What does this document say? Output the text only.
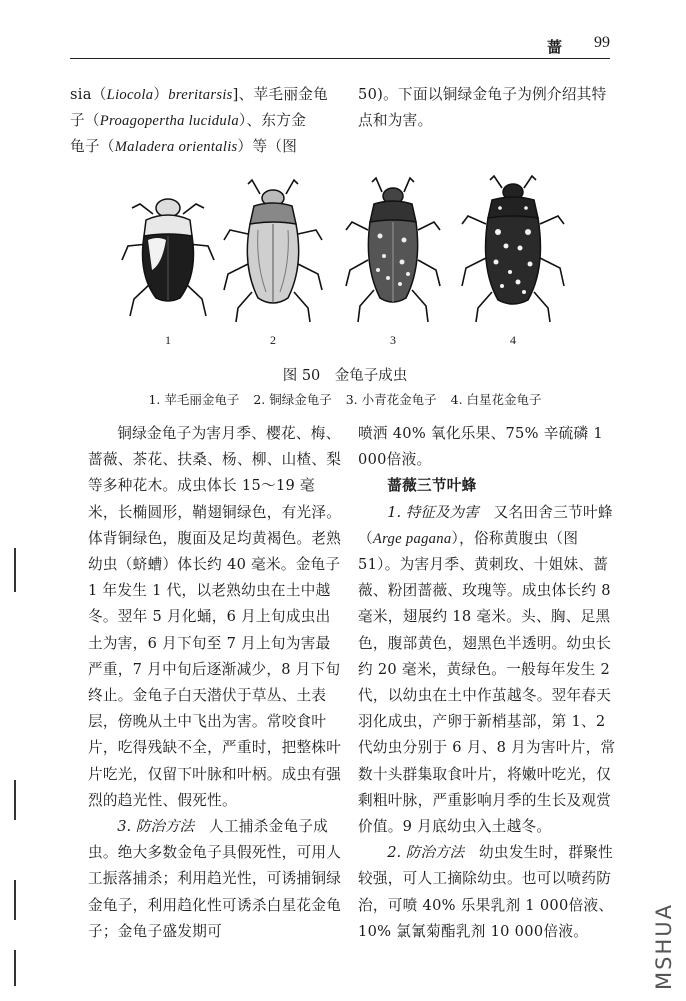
蔷 99

sia（Liocola）breritarsis]、苹毛丽金龟

子（Proagopertha lucidula）、东方金

龟子（Maladera orientalis）等（图

50)。下面以铜绿金龟子为例介绍其特点和为害。

1	2	3	4
图 50　金龟子成虫
1. 苹毛丽金龟子 2. 铜绿金龟子 3. 小青花金龟子 4. 白星花金龟子

铜绿金龟子为害月季、樱花、梅、蔷薇、茶花、扶桑、杨、柳、山楂、梨等多种花木。成虫体长 15～19 毫米，长椭圆形，鞘翅铜绿色，有光泽。体背铜绿色，腹面及足均黄褐色。老熟幼虫（蛴螬）体长约 40 毫米。金龟子 1 年发生 1 代，以老熟幼虫在土中越冬。翌年 5 月化蛹，6 月上旬成虫出土为害，6 月下旬至 7 月上旬为害最严重，7 月中旬后逐渐减少，8 月下旬终止。金龟子白天潜伏于草丛、土表层，傍晚从土中飞出为害。常咬食叶片，吃得残缺不全，严重时，把整株叶片吃光，仅留下叶脉和叶柄。成虫有强烈的趋光性、假死性。

3. 防治方法　人工捕杀金龟子成虫。绝大多数金龟子具假死性，可用人工振落捕杀；利用趋光性，可诱捕铜绿金龟子，利用趋化性可诱杀白星花金龟子；金龟子盛发期可

喷洒 40% 氧化乐果、75% 辛硫磷 1 000倍液。

蔷薇三节叶蜂

1. 特征及为害　又名田舍三节叶蜂（Arge pagana），俗称黄腹虫（图 51）。为害月季、黄刺玫、十姐妹、蔷薇、粉团蔷薇、玫瑰等。成虫体长约 8 毫米，翅展约 18 毫米。头、胸、足黑色，腹部黄色，翅黑色半透明。幼虫长约 20 毫米，黄绿色。一般每年发生 2 代，以幼虫在土中作茧越冬。翌年春天羽化成虫，产卵于新梢基部，第 1、2 代幼虫分别于 6 月、8 月为害叶片，常数十头群集取食叶片，将嫩叶吃光，仅剩粗叶脉，严重影响月季的生长及观赏价值。9 月底幼虫入土越冬。

2. 防治方法　幼虫发生时，群聚性较强，可人工摘除幼虫。也可以喷药防治，可喷 40% 乐果乳剂 1 000倍液、10% 氯氰菊酯乳剂 10 000倍液。	MSHUA
